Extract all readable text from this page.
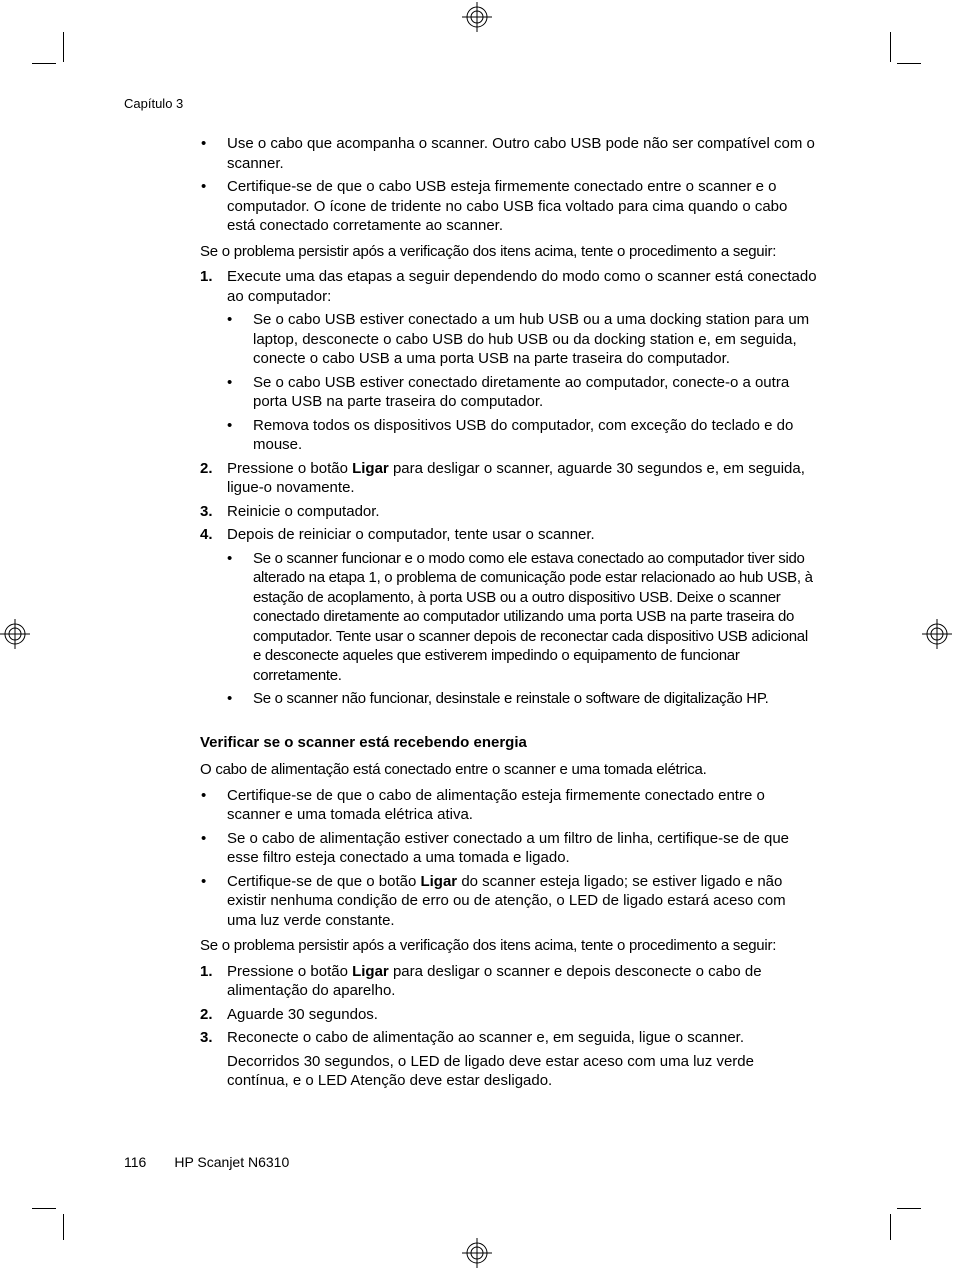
Capítulo 3
• Use o cabo que acompanha o scanner. Outro cabo USB pode não ser compatível com o scanner.
• Certifique-se de que o cabo USB esteja firmemente conectado entre o scanner e o computador. O ícone de tridente no cabo USB fica voltado para cima quando o cabo está conectado corretamente ao scanner.
Se o problema persistir após a verificação dos itens acima, tente o procedimento a seguir:
1. Execute uma das etapas a seguir dependendo do modo como o scanner está conectado ao computador:
• Se o cabo USB estiver conectado a um hub USB ou a uma docking station para um laptop, desconecte o cabo USB do hub USB ou da docking station e, em seguida, conecte o cabo USB a uma porta USB na parte traseira do computador.
• Se o cabo USB estiver conectado diretamente ao computador, conecte-o a outra porta USB na parte traseira do computador.
• Remova todos os dispositivos USB do computador, com exceção do teclado e do mouse.
2. Pressione o botão Ligar para desligar o scanner, aguarde 30 segundos e, em seguida, ligue-o novamente.
3. Reinicie o computador.
4. Depois de reiniciar o computador, tente usar o scanner.
• Se o scanner funcionar e o modo como ele estava conectado ao computador tiver sido alterado na etapa 1, o problema de comunicação pode estar relacionado ao hub USB, à estação de acoplamento, à porta USB ou a outro dispositivo USB. Deixe o scanner conectado diretamente ao computador utilizando uma porta USB na parte traseira do computador. Tente usar o scanner depois de reconectar cada dispositivo USB adicional e desconecte aqueles que estiverem impedindo o equipamento de funcionar corretamente.
• Se o scanner não funcionar, desinstale e reinstale o software de digitalização HP.
Verificar se o scanner está recebendo energia
O cabo de alimentação está conectado entre o scanner e uma tomada elétrica.
• Certifique-se de que o cabo de alimentação esteja firmemente conectado entre o scanner e uma tomada elétrica ativa.
• Se o cabo de alimentação estiver conectado a um filtro de linha, certifique-se de que esse filtro esteja conectado a uma tomada e ligado.
• Certifique-se de que o botão Ligar do scanner esteja ligado; se estiver ligado e não existir nenhuma condição de erro ou de atenção, o LED de ligado estará aceso com uma luz verde constante.
Se o problema persistir após a verificação dos itens acima, tente o procedimento a seguir:
1. Pressione o botão Ligar para desligar o scanner e depois desconecte o cabo de alimentação do aparelho.
2. Aguarde 30 segundos.
3. Reconecte o cabo de alimentação ao scanner e, em seguida, ligue o scanner.
Decorridos 30 segundos, o LED de ligado deve estar aceso com uma luz verde contínua, e o LED Atenção deve estar desligado.
116 HP Scanjet N6310
